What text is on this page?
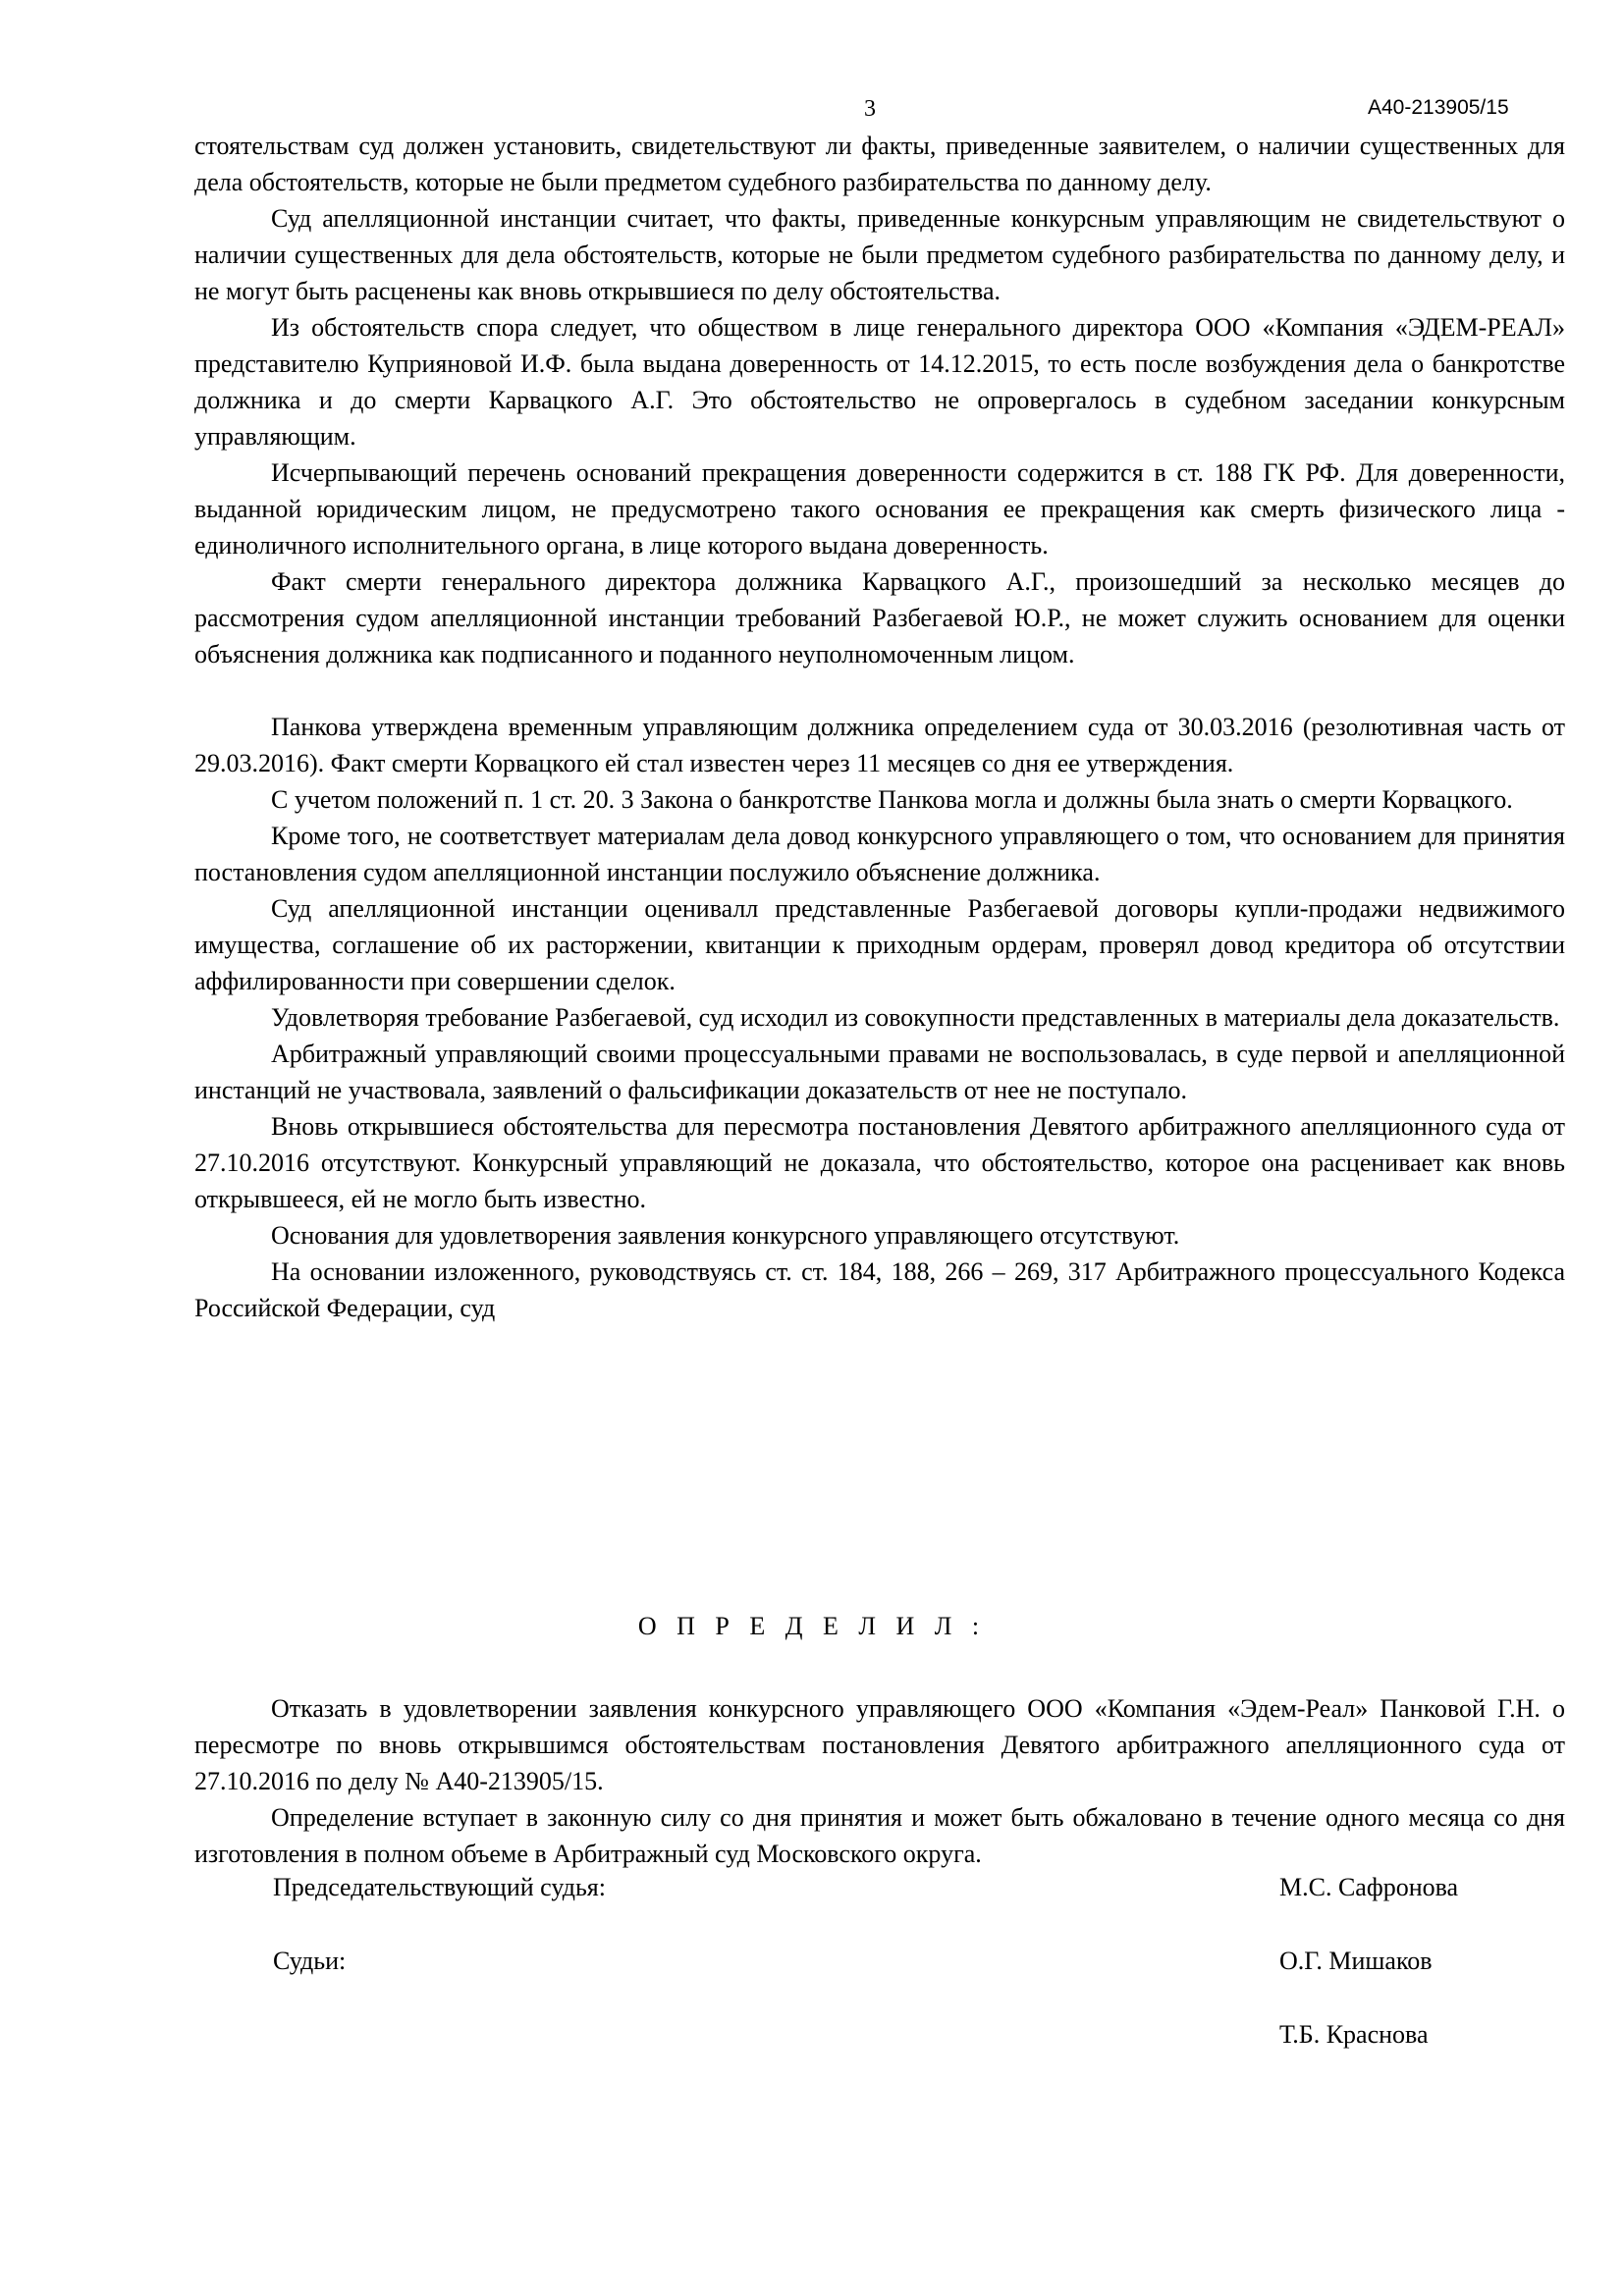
3	А40-213905/15

стоятельствам суд должен установить, свидетельствуют ли факты, приведенные заявителем, о наличии существенных для дела обстоятельств, которые не были предметом судебного разбирательства по данному делу.

Суд апелляционной инстанции считает, что факты, приведенные конкурсным управляющим не свидетельствуют о наличии существенных для дела обстоятельств, которые не были предметом судебного разбирательства по данному делу, и не могут быть расценены как вновь открывшиеся по делу обстоятельства.

Из обстоятельств спора следует, что обществом в лице генерального директора ООО «Компания «ЭДЕМ-РЕАЛ» представителю Куприяновой И.Ф. была выдана доверенность от 14.12.2015, то есть после возбуждения дела о банкротстве должника и до смерти Карвацкого А.Г. Это обстоятельство не опровергалось в судебном заседании конкурсным управляющим.

Исчерпывающий перечень оснований прекращения доверенности содержится в ст. 188 ГК РФ. Для доверенности, выданной юридическим лицом, не предусмотрено такого основания ее прекращения как смерть физического лица - единоличного исполнительного органа, в лице которого выдана доверенность.

Факт смерти генерального директора должника Карвацкого А.Г., произошедший за несколько месяцев до рассмотрения судом апелляционной инстанции требований Разбегаевой Ю.Р., не может служить основанием для оценки объяснения должника как подписанного и поданного неуполномоченным лицом.

Панкова утверждена временным управляющим должника определением суда от 30.03.2016 (резолютивная часть от 29.03.2016). Факт смерти Корвацкого ей стал известен через 11 месяцев со дня ее утверждения.

С учетом положений п. 1 ст. 20. 3 Закона о банкротстве Панкова могла и должны была знать о смерти Корвацкого.

Кроме того, не соответствует материалам дела довод конкурсного управляющего о том, что основанием для принятия постановления судом апелляционной инстанции послужило объяснение должника.

Суд апелляционной инстанции оценивалл представленные Разбегаевой договоры купли-продажи недвижимого имущества, соглашение об их расторжении, квитанции к приходным ордерам, проверял довод кредитора об отсутствии аффилированности при совершении сделок.

Удовлетворяя требование Разбегаевой, суд исходил из совокупности представленных в материалы дела доказательств.

Арбитражный управляющий своими процессуальными правами не воспользовалась, в суде первой и апелляционной инстанций не участвовала, заявлений о фальсификации доказательств от нее не поступало.

Вновь открывшиеся обстоятельства для пересмотра постановления Девятого арбитражного апелляционного суда от 27.10.2016 отсутствуют. Конкурсный управляющий не доказала, что обстоятельство, которое она расценивает как вновь открывшееся, ей не могло быть известно.

Основания для удовлетворения заявления конкурсного управляющего отсутствуют.

На основании изложенного, руководствуясь ст. ст. 184, 188, 266 – 269, 317 Арбитражного процессуального Кодекса Российской Федерации, суд

О П Р Е Д Е Л И Л :

Отказать в удовлетворении заявления конкурсного управляющего ООО «Компания «Эдем-Реал» Панковой Г.Н. о пересмотре по вновь открывшимся обстоятельствам постановления Девятого арбитражного апелляционного суда от 27.10.2016 по делу № А40-213905/15.

Определение вступает в законную силу со дня принятия и может быть обжаловано в течение одного месяца со дня изготовления в полном объеме в Арбитражный суд Московского округа.

Председательствующий судья:	М.С. Сафронова
Судьи:	О.Г. Мишаков
Т.Б. Краснова
